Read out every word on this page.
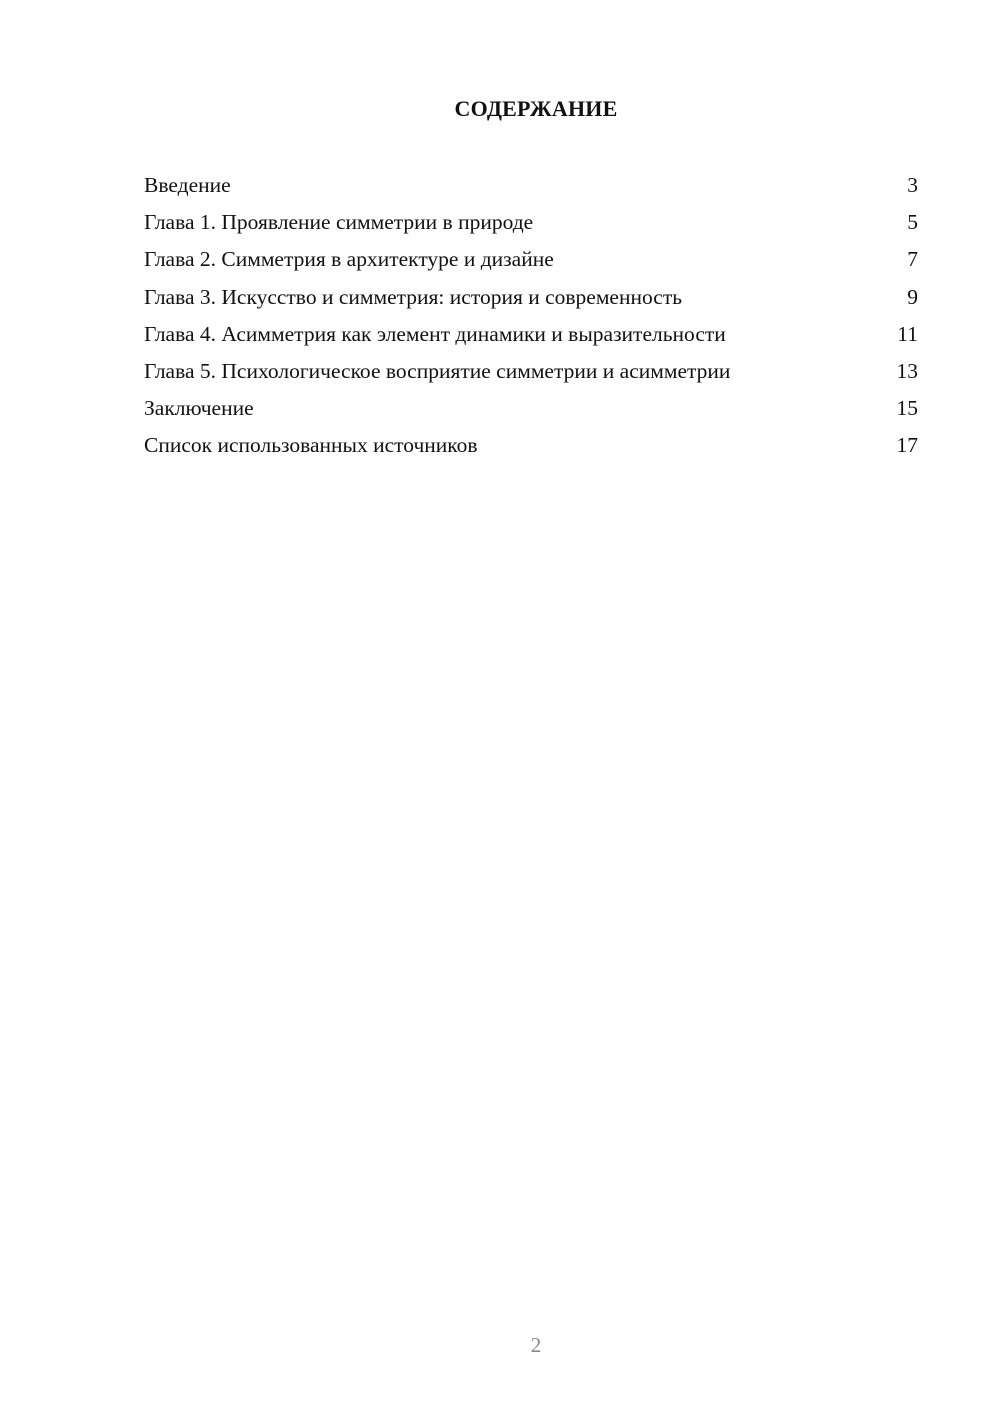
СОДЕРЖАНИЕ
Введение	3
Глава 1. Проявление симметрии в природе	5
Глава 2. Симметрия в архитектуре и дизайне	7
Глава 3. Искусство и симметрия: история и современность	9
Глава 4. Асимметрия как элемент динамики и выразительности	11
Глава 5. Психологическое восприятие симметрии и асимметрии	13
Заключение	15
Список использованных источников	17
2
